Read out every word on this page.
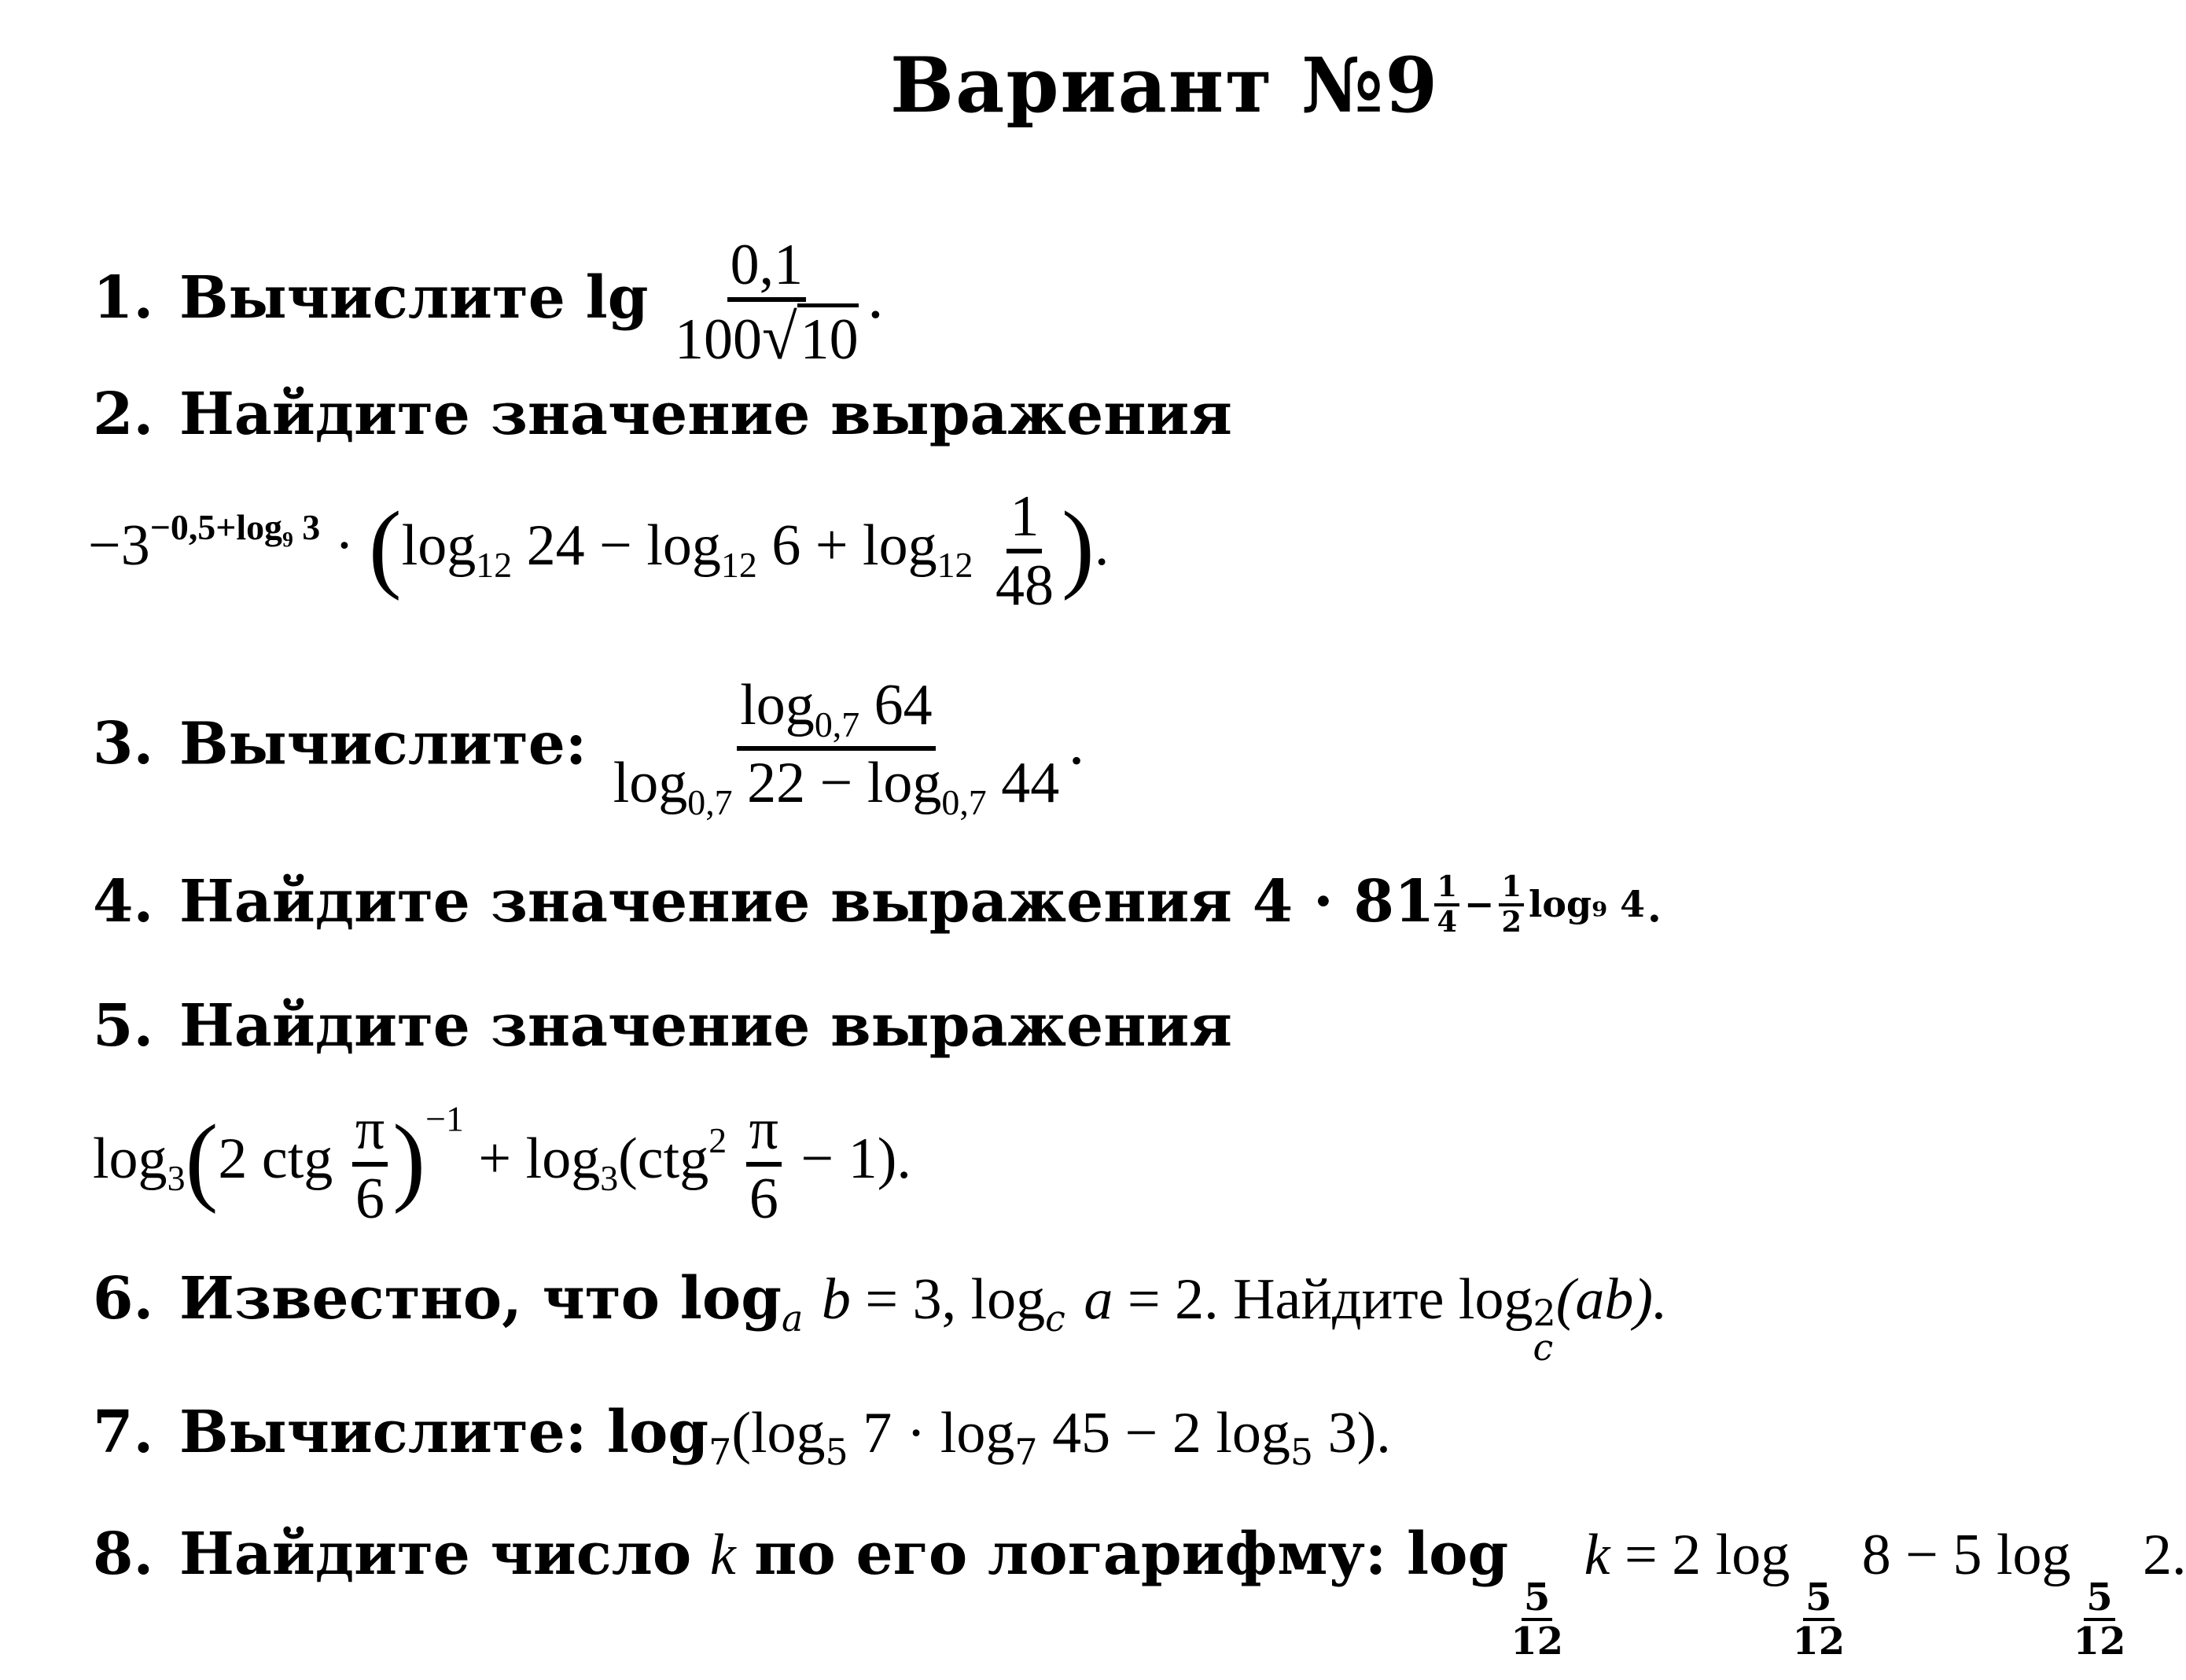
Вариант №9
1. Вычислите $\lg \frac{0,1}{100√10}$ .
2. Найдите значение выражения
$-3^{-0,5+log_9 3} \cdot (\log_{12}$ $24 - \log_{12} 6 + \log_{12} \frac{1}{48}$ ).
3. Вычислите: $\frac{\log_{0,7} 64}{\log_{0,7} 22 - \log_{0,7} 44}$ .
4. Найдите значение выражения $4 \cdot 81 \frac{1}{4} - \frac{1}{2} \log_9$ 4 .
5. Найдите значение выражения
$\log_3(2$ ctg $\frac{\pi}{6} )^{-1} + \log_3(ctg^2 \frac{\pi}{6} - 1)$.
6. Известно, что $\log_a b = 3$, $\log_c a = 2$. Найдите log 2
c
(ab).
7. Вычислите: $\log_7(\log_5$ $7 \cdot \log_7 45 - 2$ $\log_5 3$).
8. Найдите число k по его логарифму: log
$\frac{5}{12}$
k = 2 log
$\frac{5}{12}$
8 − 5 log
$\frac{5}{12}$
2.
